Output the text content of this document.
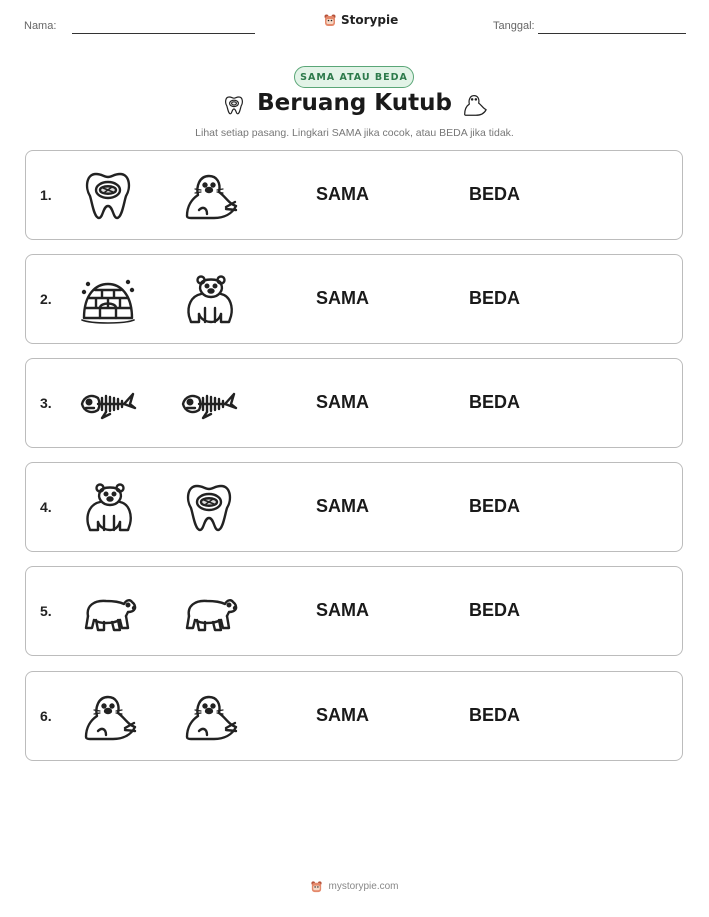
Nama:	Storypie	Tanggal:
SAMA ATAU BEDA
Beruang Kutub
Lihat setiap pasang. Lingkari SAMA jika cocok, atau BEDA jika tidak.
1.	SAMA	BEDA
2.	SAMA	BEDA
3.	SAMA	BEDA
4.	SAMA	BEDA
5.	SAMA	BEDA
6.	SAMA	BEDA
mystorypie.com
